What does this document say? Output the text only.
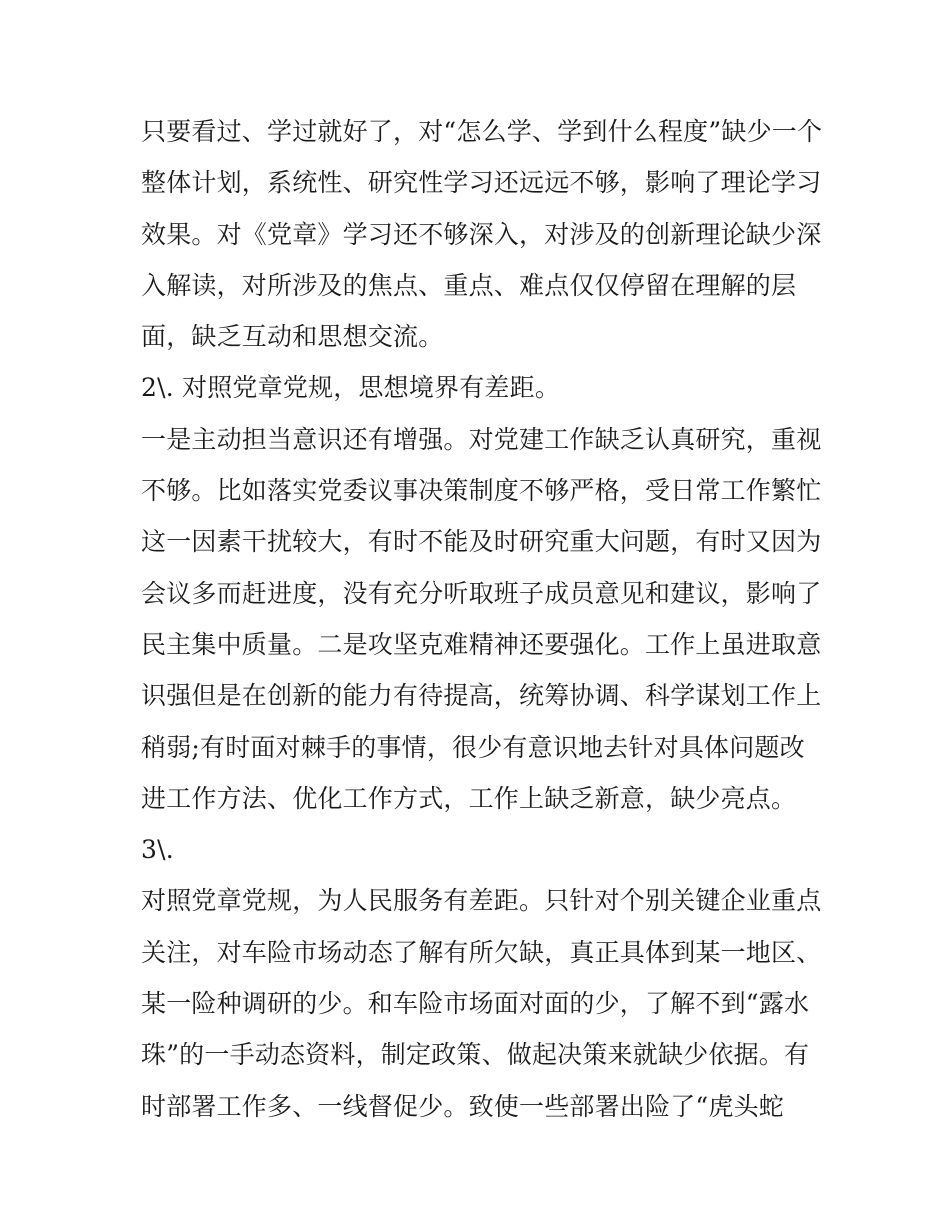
只要看过、学过就好了，对“怎么学、学到什么程度”缺少一个
整体计划，系统性、研究性学习还远远不够，影响了理论学习
效果。对《党章》学习还不够深入，对涉及的创新理论缺少深
入解读，对所涉及的焦点、重点、难点仅仅停留在理解的层
面，缺乏互动和思想交流。
2\. 对照党章党规，思想境界有差距。
一是主动担当意识还有增强。对党建工作缺乏认真研究，重视
不够。比如落实党委议事决策制度不够严格，受日常工作繁忙
这一因素干扰较大，有时不能及时研究重大问题，有时又因为
会议多而赶进度，没有充分听取班子成员意见和建议，影响了
民主集中质量。二是攻坚克难精神还要强化。工作上虽进取意
识强但是在创新的能力有待提高，统筹协调、科学谋划工作上
稍弱;有时面对棘手的事情，很少有意识地去针对具体问题改
进工作方法、优化工作方式，工作上缺乏新意，缺少亮点。
3\.
对照党章党规，为人民服务有差距。只针对个别关键企业重点
关注，对车险市场动态了解有所欠缺，真正具体到某一地区、
某一险种调研的少。和车险市场面对面的少，了解不到“露水
珠”的一手动态资料，制定政策、做起决策来就缺少依据。有
时部署工作多、一线督促少。致使一些部署出险了“虎头蛇
